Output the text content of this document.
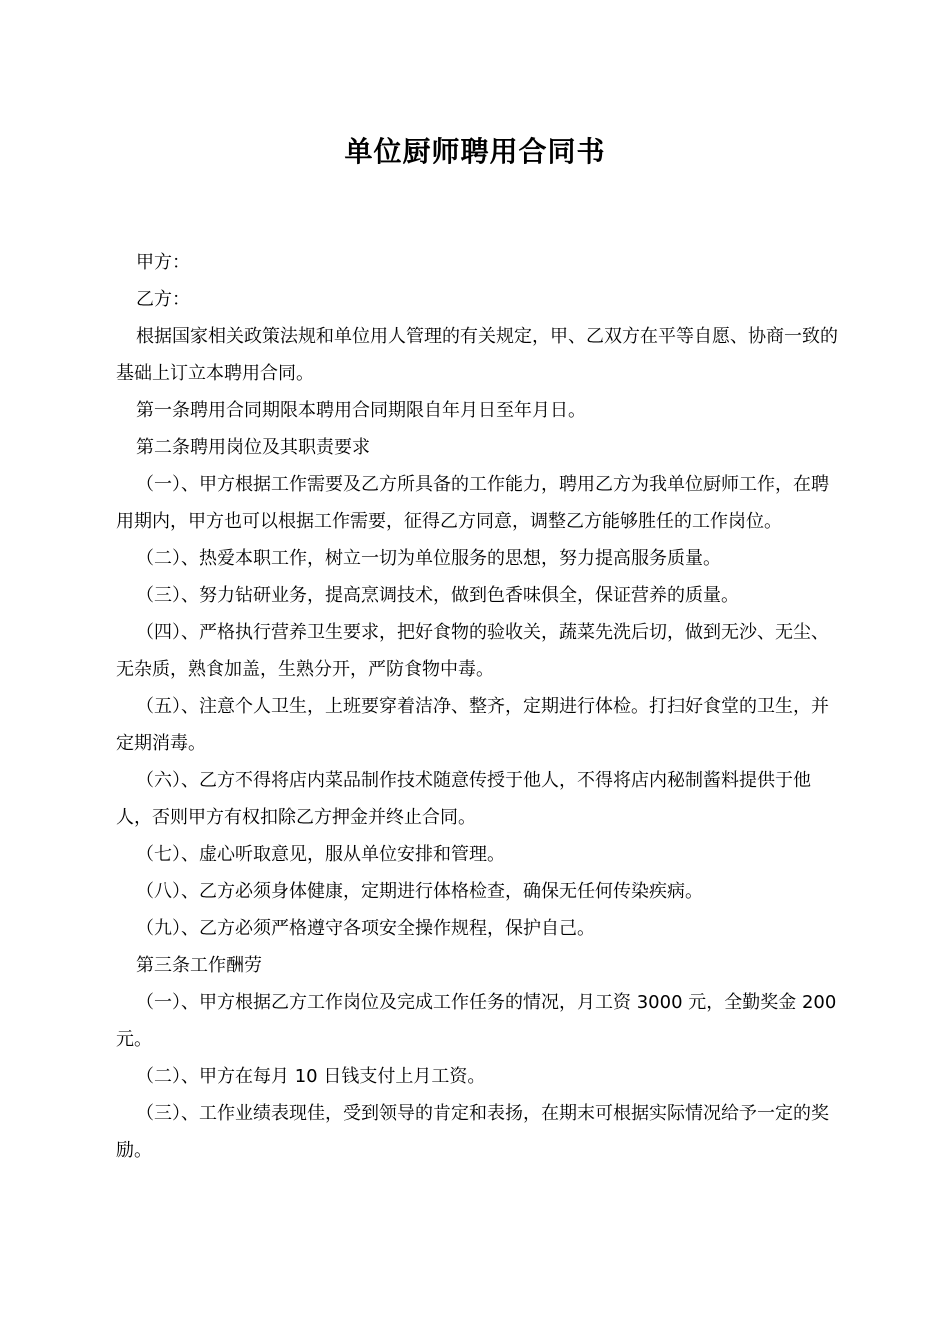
单位厨师聘用合同书

甲方：

乙方：

根据国家相关政策法规和单位用人管理的有关规定，甲、乙双方在平等自愿、协商一致的基础上订立本聘用合同。

第一条聘用合同期限本聘用合同期限自年月日至年月日。

第二条聘用岗位及其职责要求

（一）、甲方根据工作需要及乙方所具备的工作能力，聘用乙方为我单位厨师工作，在聘用期内，甲方也可以根据工作需要，征得乙方同意，调整乙方能够胜任的工作岗位。

（二）、热爱本职工作，树立一切为单位服务的思想，努力提高服务质量。

（三）、努力钻研业务，提高烹调技术，做到色香味俱全，保证营养的质量。

（四）、严格执行营养卫生要求，把好食物的验收关，蔬菜先洗后切，做到无沙、无尘、无杂质，熟食加盖，生熟分开，严防食物中毒。

（五）、注意个人卫生，上班要穿着洁净、整齐，定期进行体检。打扫好食堂的卫生，并定期消毒。

（六）、乙方不得将店内菜品制作技术随意传授于他人，不得将店内秘制酱料提供于他人，否则甲方有权扣除乙方押金并终止合同。

（七）、虚心听取意见，服从单位安排和管理。

（八）、乙方必须身体健康，定期进行体格检查，确保无任何传染疾病。

（九）、乙方必须严格遵守各项安全操作规程，保护自己。

第三条工作酬劳

（一）、甲方根据乙方工作岗位及完成工作任务的情况，月工资 3000 元，全勤奖金 200 元。

（二）、甲方在每月 10 日钱支付上月工资。

（三）、工作业绩表现佳，受到领导的肯定和表扬，在期末可根据实际情况给予一定的奖励。
